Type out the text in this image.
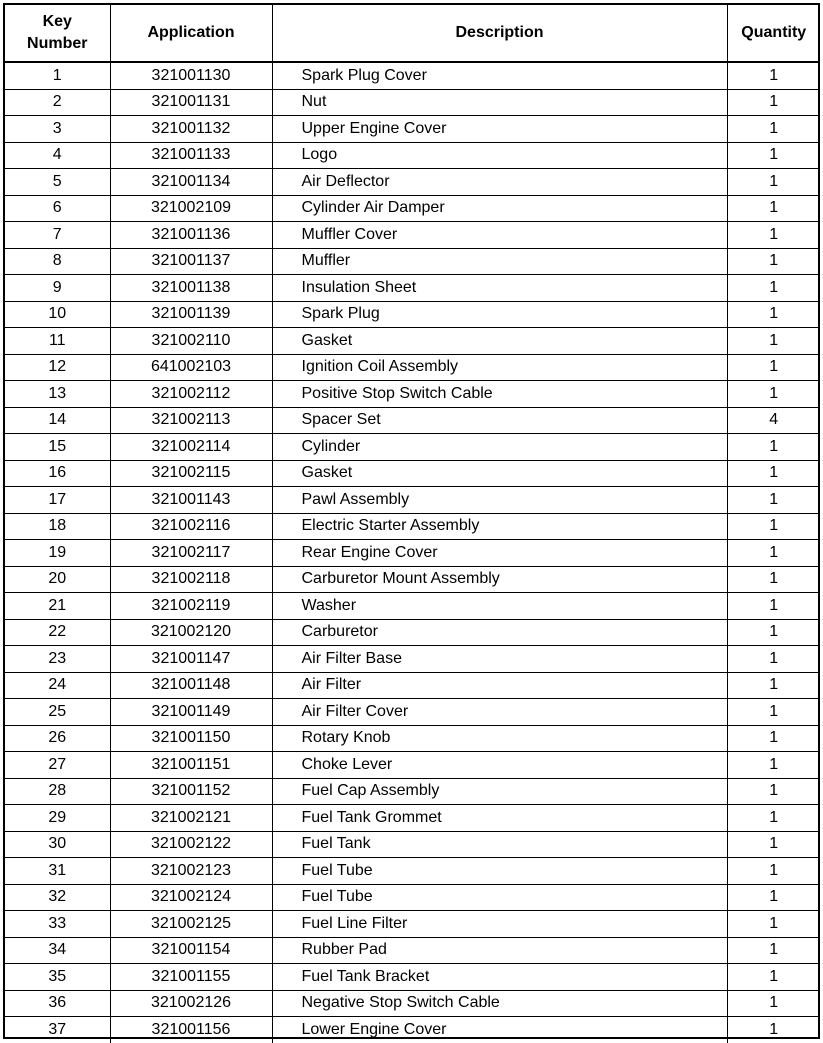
Key
Number	Application	Description	Quantity
1	321001130	Spark Plug Cover	1
2	321001131	Nut	1
3	321001132	Upper Engine Cover	1
4	321001133	Logo	1
5	321001134	Air Deflector	1
6	321002109	Cylinder Air Damper	1
7	321001136	Muffler Cover	1
8	321001137	Muffler	1
9	321001138	Insulation Sheet	1
10	321001139	Spark Plug	1
11	321002110	Gasket	1
12	641002103	Ignition Coil Assembly	1
13	321002112	Positive Stop Switch Cable	1
14	321002113	Spacer Set	4
15	321002114	Cylinder	1
16	321002115	Gasket	1
17	321001143	Pawl Assembly	1
18	321002116	Electric Starter Assembly	1
19	321002117	Rear Engine Cover	1
20	321002118	Carburetor Mount Assembly	1
21	321002119	Washer	1
22	321002120	Carburetor	1
23	321001147	Air Filter Base	1
24	321001148	Air Filter	1
25	321001149	Air Filter Cover	1
26	321001150	Rotary Knob	1
27	321001151	Choke Lever	1
28	321001152	Fuel Cap Assembly	1
29	321002121	Fuel Tank Grommet	1
30	321002122	Fuel Tank	1
31	321002123	Fuel Tube	1
32	321002124	Fuel Tube	1
33	321002125	Fuel Line Filter	1
34	321001154	Rubber Pad	1
35	321001155	Fuel Tank Bracket	1
36	321002126	Negative Stop Switch Cable	1
37	321001156	Lower Engine Cover	1
